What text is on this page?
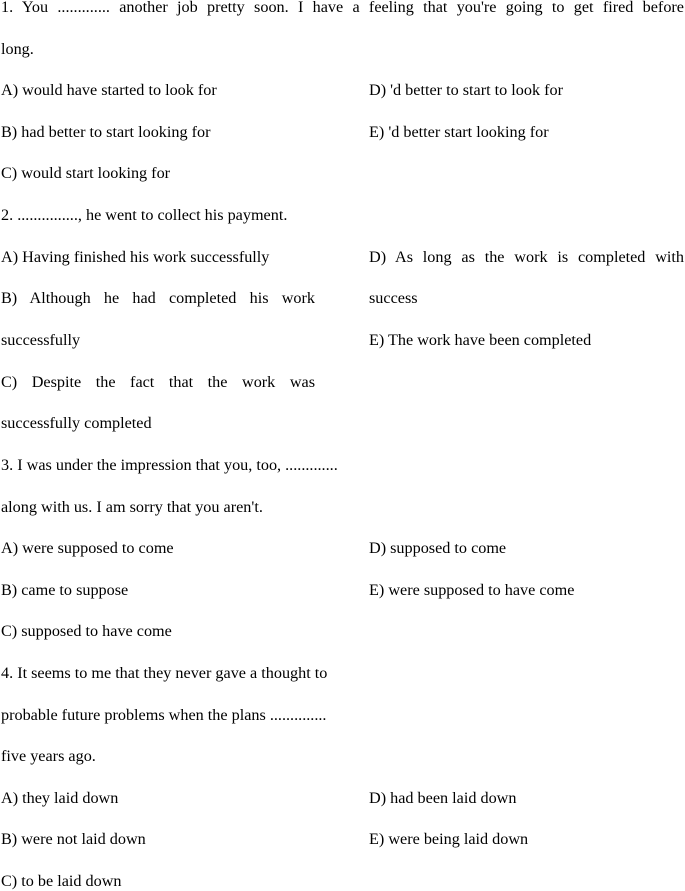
1. You ............. another job pretty soon. I have a feeling that you're going to get fired before
long.
A) would have started to look for	D) 'd better to start to look for
B) had better to start looking for	E) 'd better start looking for
C) would start looking for
2. ..............., he went to collect his payment.
A) Having finished his work successfully	D) As long as the work is completed with
B) Although he had completed his work	success
successfully	E) The work have been completed
C) Despite the fact that the work was
successfully completed
3. I was under the impression that you, too, .............
along with us. I am sorry that you aren't.
A) were supposed to come	D) supposed to come
B) came to suppose	E) were supposed to have come
C) supposed to have come
4. It seems to me that they never gave a thought to
probable future problems when the plans ..............
five years ago.
A) they laid down	D) had been laid down
B) were not laid down	E) were being laid down
C) to be laid down
